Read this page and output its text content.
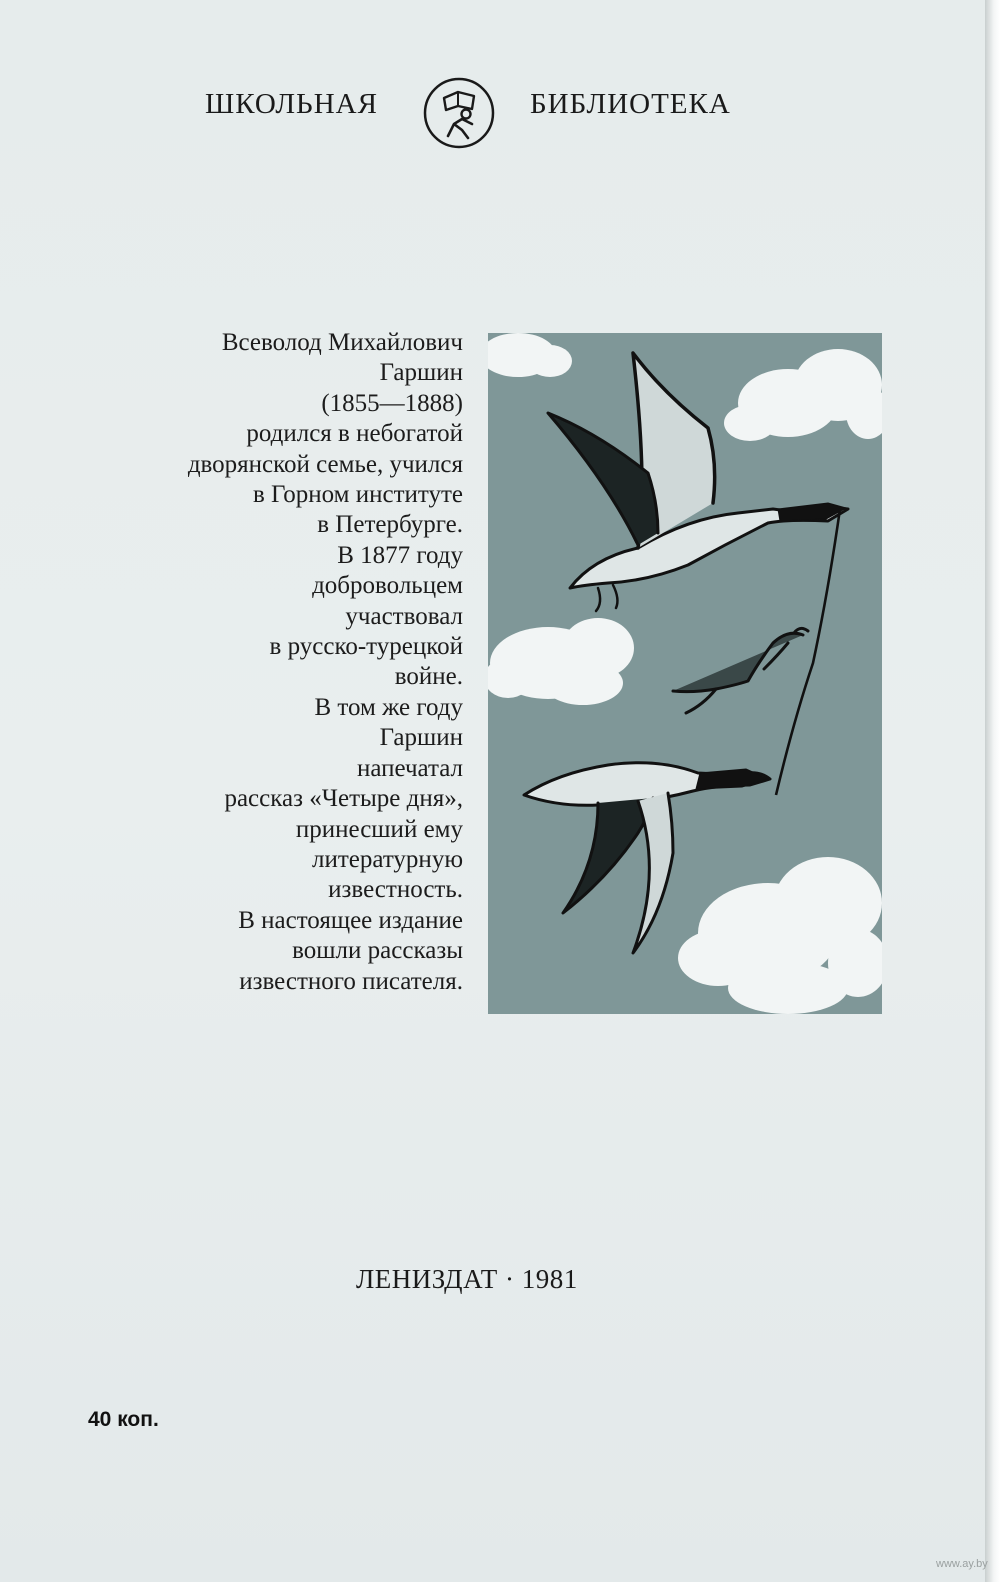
ШКОЛЬНАЯ	БИБЛИОТЕКА
Всеволод Михайлович
Гаршин
(1855—1888)
родился в небогатой
дворянской семье, учился
в Горном институте
в Петербурге.
В 1877 году
добровольцем
участвовал
в русско-турецкой
войне.
В том же году
Гаршин
напечатал
рассказ «Четыре дня»,
принесший ему
литературную
известность.
В настоящее издание
вошли рассказы
известного писателя.
ЛЕНИЗДАТ · 1981
40 коп.
www.ay.by
